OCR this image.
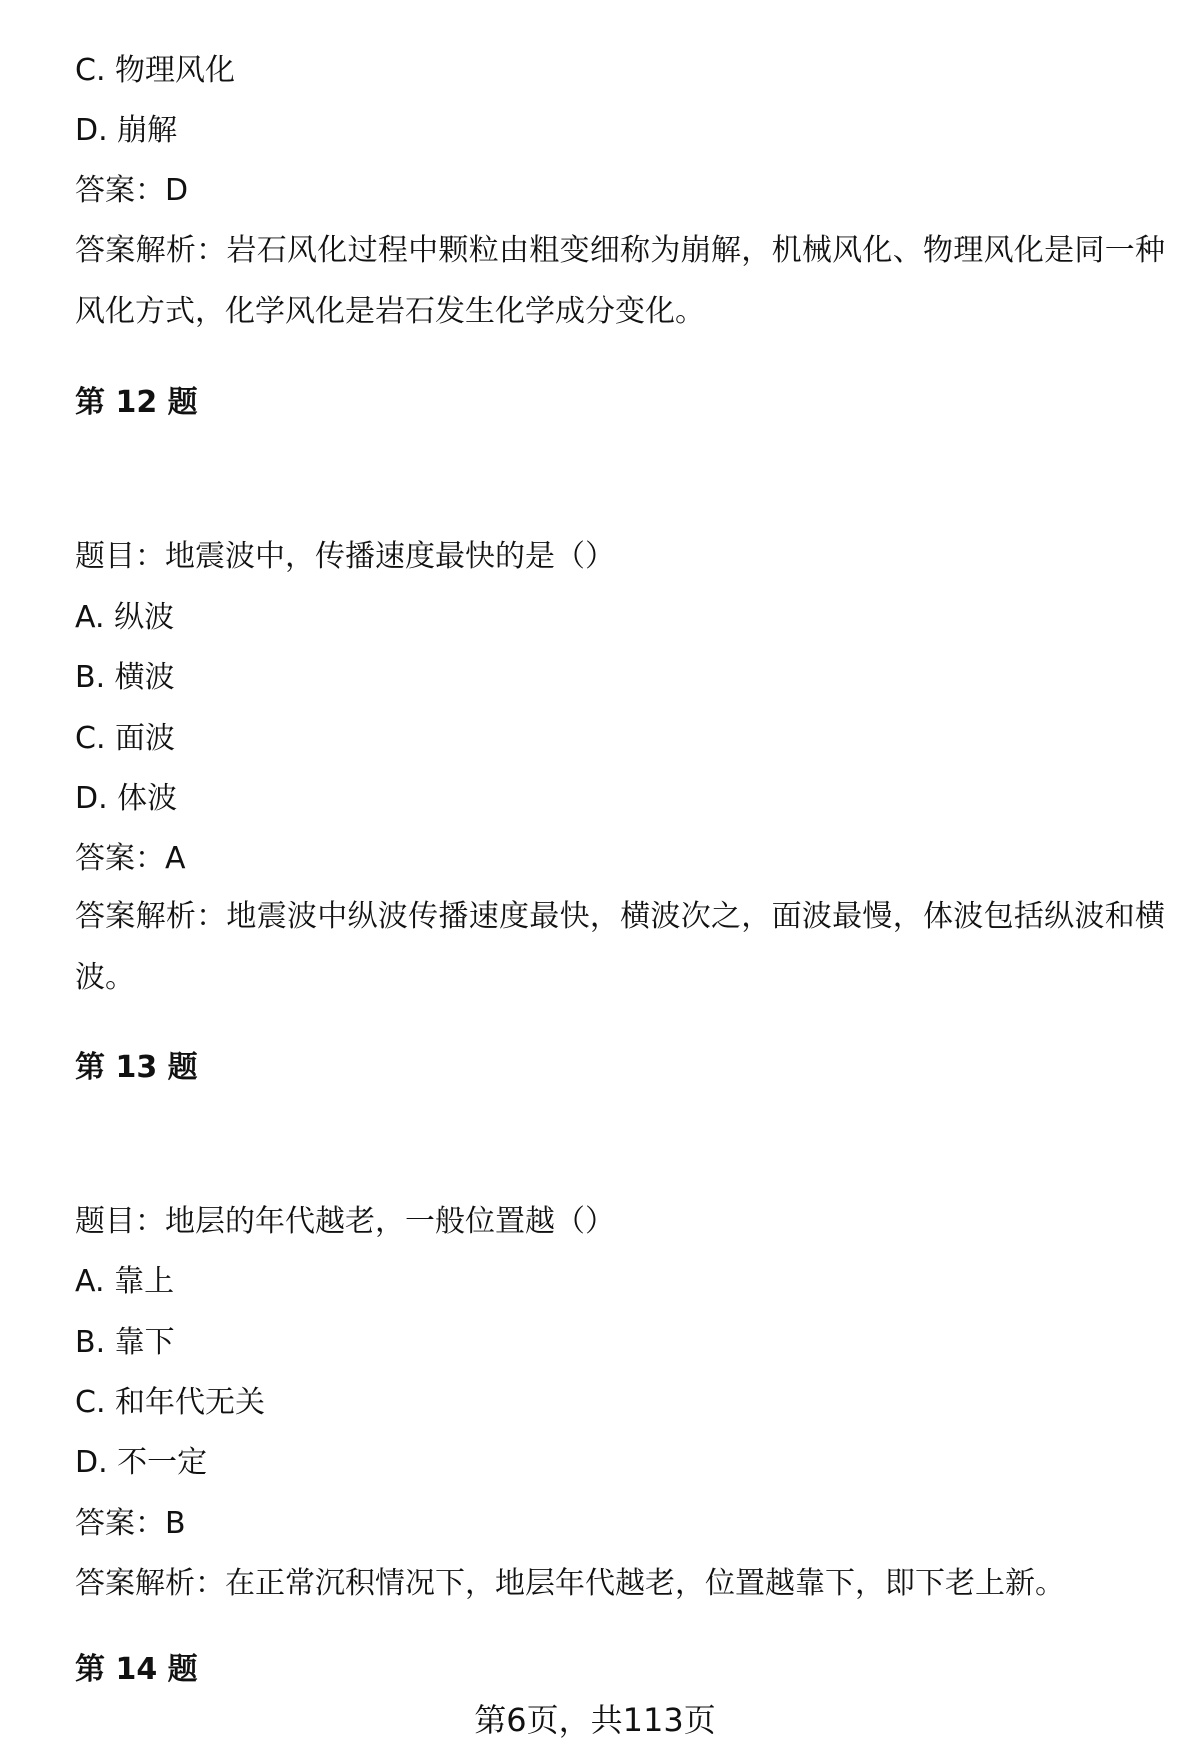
C. 物理风化
D. 崩解
答案：D
答案解析：岩石风化过程中颗粒由粗变细称为崩解，机械风化、物理风化是同一种风化方式，化学风化是岩石发生化学成分变化。
第 12 题
题目：地震波中，传播速度最快的是（）
A. 纵波
B. 横波
C. 面波
D. 体波
答案：A
答案解析：地震波中纵波传播速度最快，横波次之，面波最慢，体波包括纵波和横波。
第 13 题
题目：地层的年代越老，一般位置越（）
A. 靠上
B. 靠下
C. 和年代无关
D. 不一定
答案：B
答案解析：在正常沉积情况下，地层年代越老，位置越靠下，即下老上新。
第 14 题
第6页，共113页
